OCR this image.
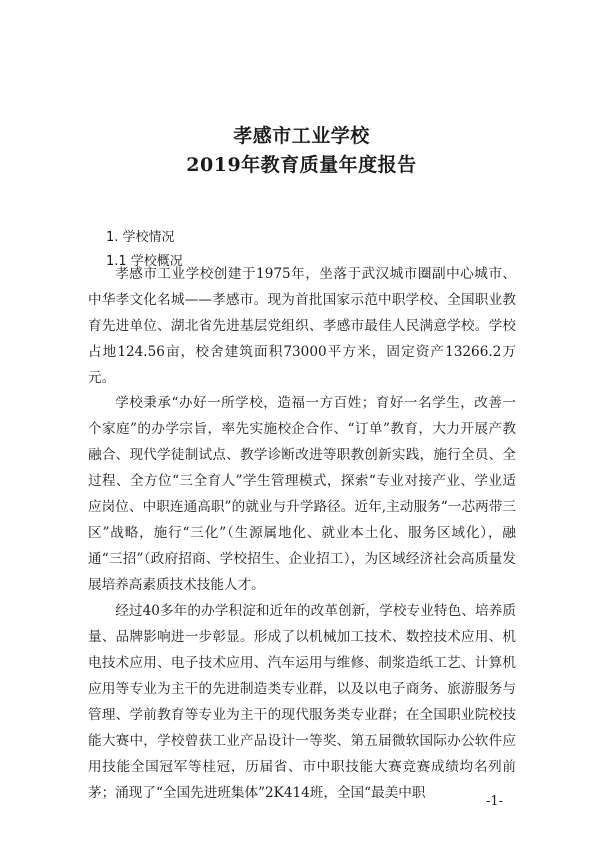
孝感市工业学校
2019年教育质量年度报告
1. 学校情况
1.1 学校概况

孝感市工业学校创建于1975年，坐落于武汉城市圈副中心城市、中华孝文化名城——孝感市。现为首批国家示范中职学校、全国职业教育先进单位、湖北省先进基层党组织、孝感市最佳人民满意学校。学校占地124.56亩，校舍建筑面积73000平方米，固定资产13266.2万元。

学校秉承“办好一所学校，造福一方百姓；育好一名学生，改善一个家庭”的办学宗旨，率先实施校企合作、“订单”教育，大力开展产教融合、现代学徒制试点、教学诊断改进等职教创新实践，施行全员、全过程、全方位“三全育人”学生管理模式，探索“专业对接产业、学业适应岗位、中职连通高职”的就业与升学路径。近年,主动服务“一芯两带三区”战略，施行“三化”（生源属地化、就业本土化、服务区域化），融通“三招”（政府招商、学校招生、企业招工），为区域经济社会高质量发展培养高素质技术技能人才。

经过40多年的办学积淀和近年的改革创新，学校专业特色、培养质量、品牌影响进一步彰显。形成了以机械加工技术、数控技术应用、机电技术应用、电子技术应用、汽车运用与维修、制浆造纸工艺、计算机应用等专业为主干的先进制造类专业群，以及以电子商务、旅游服务与管理、学前教育等专业为主干的现代服务类专业群；在全国职业院校技能大赛中，学校曾获工业产品设计一等奖、第五届微软国际办公软件应用技能全国冠军等桂冠，历届省、市中职技能大赛竞赛成绩均名列前茅；涌现了“全国先进班集体”2K414班，全国“最美中职

-1-
